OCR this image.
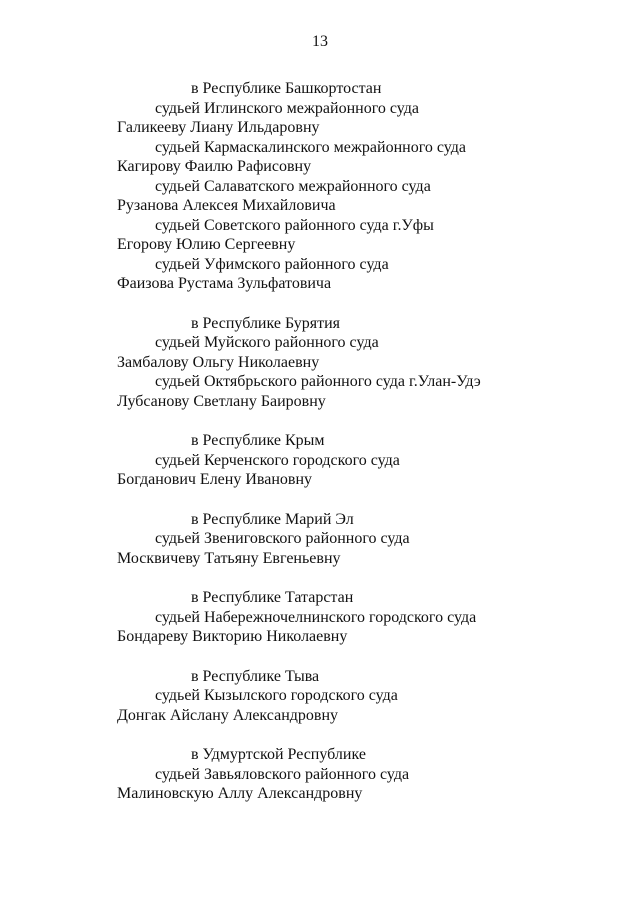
13
в Республике Башкортостан
судьей Иглинского межрайонного суда
Галикееву Лиану Ильдаровну
судьей Кармаскалинского межрайонного суда
Кагирову Фаилю Рафисовну
судьей Салаватского межрайонного суда
Рузанова Алексея Михайловича
судьей Советского районного суда г.Уфы
Егорову Юлию Сергеевну
судьей Уфимского районного суда
Фаизова Рустама Зульфатовича
в Республике Бурятия
судьей Муйского районного суда
Замбалову Ольгу Николаевну
судьей Октябрьского районного суда г.Улан-Удэ
Лубсанову Светлану Баировну
в Республике Крым
судьей Керченского городского суда
Богданович Елену Ивановну
в Республике Марий Эл
судьей Звениговского районного суда
Москвичеву Татьяну Евгеньевну
в Республике Татарстан
судьей Набережночелнинского городского суда
Бондареву Викторию Николаевну
в Республике Тыва
судьей Кызылского городского суда
Донгак Айслану Александровну
в Удмуртской Республике
судьей Завьяловского районного суда
Малиновскую Аллу Александровну
